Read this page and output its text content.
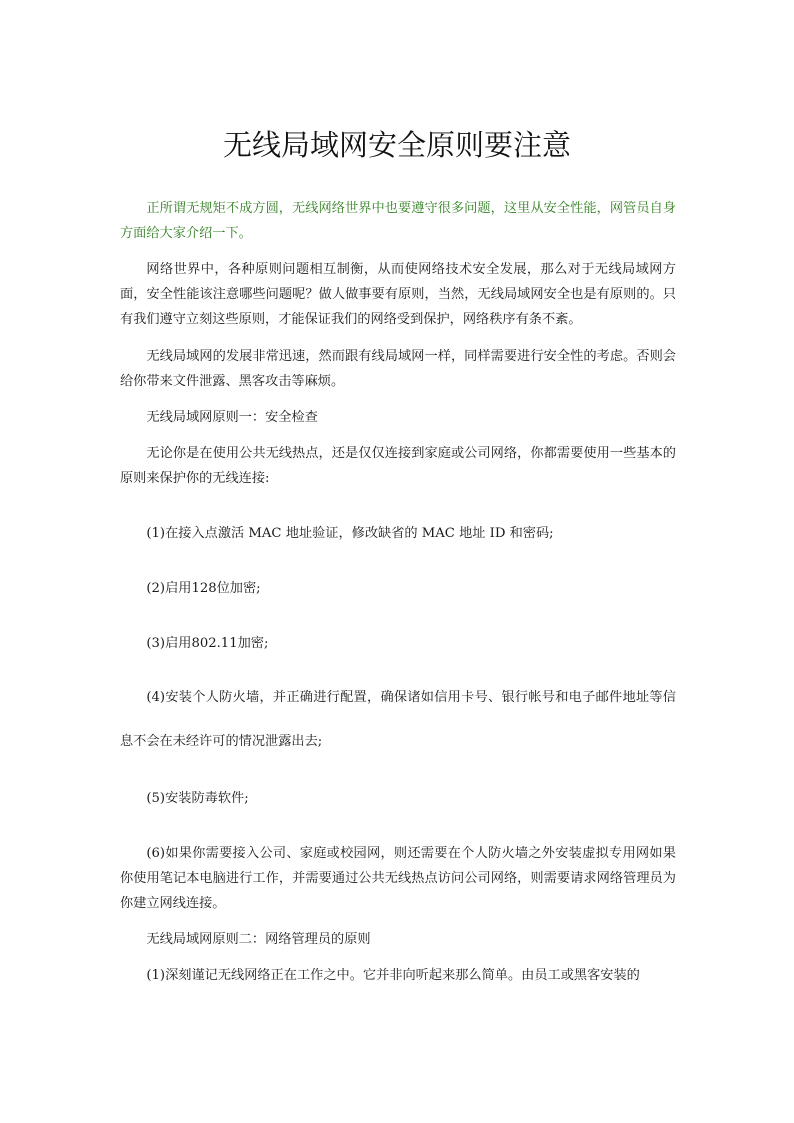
无线局域网安全原则要注意

正所谓无规矩不成方圆，无线网络世界中也要遵守很多问题，这里从安全性能，网管员自身方面给大家介绍一下。

网络世界中，各种原则问题相互制衡，从而使网络技术安全发展，那么对于无线局域网方面，安全性能该注意哪些问题呢？做人做事要有原则，当然，无线局域网安全也是有原则的。只有我们遵守立刻这些原则，才能保证我们的网络受到保护，网络秩序有条不紊。

无线局域网的发展非常迅速，然而跟有线局域网一样，同样需要进行安全性的考虑。否则会给你带来文件泄露、黑客攻击等麻烦。

无线局域网原则一：安全检查

无论你是在使用公共无线热点，还是仅仅连接到家庭或公司网络，你都需要使用一些基本的原则来保护你的无线连接:

(1)在接入点激活 MAC 地址验证，修改缺省的 MAC 地址 ID 和密码;

(2)启用128位加密;

(3)启用802.11加密;

(4)安装个人防火墙，并正确进行配置，确保诸如信用卡号、银行帐号和电子邮件地址等信息不会在未经许可的情况泄露出去;

(5)安装防毒软件;

(6)如果你需要接入公司、家庭或校园网，则还需要在个人防火墙之外安装虚拟专用网如果你使用笔记本电脑进行工作，并需要通过公共无线热点访问公司网络，则需要请求网络管理员为你建立网线连接。

无线局域网原则二：网络管理员的原则

(1)深刻谨记无线网络正在工作之中。它并非向听起来那么简单。由员工或黑客安装的
